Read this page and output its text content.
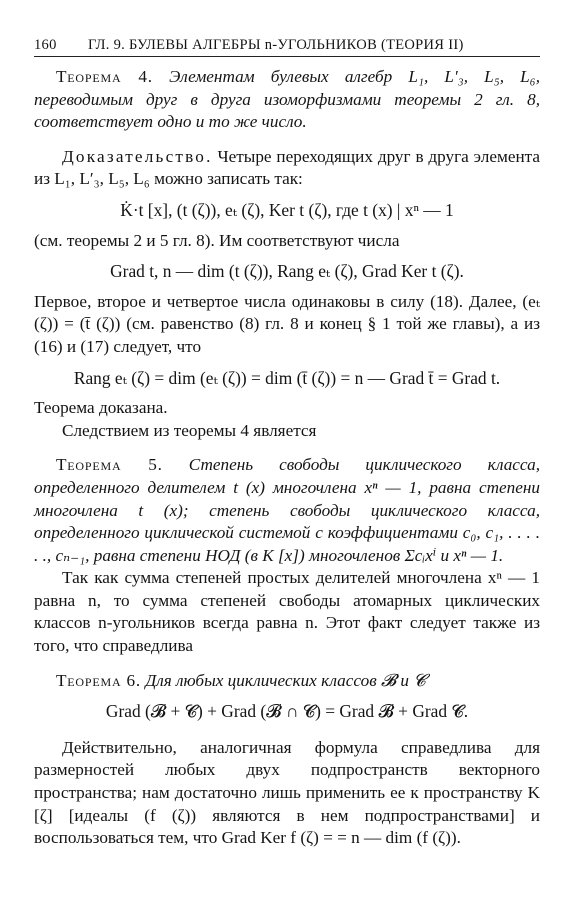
160 ГЛ. 9. БУЛЕВЫ АЛГЕБРЫ n-УГОЛЬНИКОВ (ТЕОРИЯ II)

Теорема 4. Элементам булевых алгебр L₁, L′₃, L₅, L₆, переводимым друг в друга изоморфизмами теоремы 2 гл. 8, соответствует одно и то же число.

Доказательство. Четыре переходящих друг в друга элемента из L₁, L′₃, L₅, L₆ можно записать так:

K̇·t [x], (t (ζ)), eₜ (ζ), Ker t (ζ), где t (x) | xⁿ — 1

(см. теоремы 2 и 5 гл. 8). Им соответствуют числа

Grad t, n — dim (t (ζ)), Rang eₜ (ζ), Grad Ker t (ζ).

Первое, второе и четвертое числа одинаковы в силу (18). Далее, (eₜ (ζ)) = (t̄ (ζ)) (см. равенство (8) гл. 8 и конец § 1 той же главы), а из (16) и (17) следует, что

Rang eₜ (ζ) = dim (eₜ (ζ)) = dim (t̄ (ζ)) = n — Grad t̄ = Grad t.

Теорема доказана.

Следствием из теоремы 4 является

Теорема 5. Степень свободы циклического класса, определенного делителем t (x) многочлена xⁿ — 1, равна степени многочлена t (x); степень свободы циклического класса, определенного циклической системой с коэффициентами c₀, c₁, . . . . . ., cₙ₋₁, равна степени НОД (в K [x]) многочленов Σcᵢxⁱ и xⁿ — 1.

Так как сумма степеней простых делителей многочлена xⁿ — 1 равна n, то сумма степеней свободы атомарных циклических классов n-угольников всегда равна n. Этот факт следует также из того, что справедлива

Теорема 6. Для любых циклических классов 𝓑 и 𝓒

Grad (𝓑 + 𝓒) + Grad (𝓑 ∩ 𝓒) = Grad 𝓑 + Grad 𝓒.

Действительно, аналогичная формула справедлива для размерностей любых двух подпространств векторного пространства; нам достаточно лишь применить ее к пространству K [ζ] [идеалы (f (ζ)) являются в нем подпространствами] и воспользоваться тем, что Grad Ker f (ζ) = = n — dim (f (ζ)).
